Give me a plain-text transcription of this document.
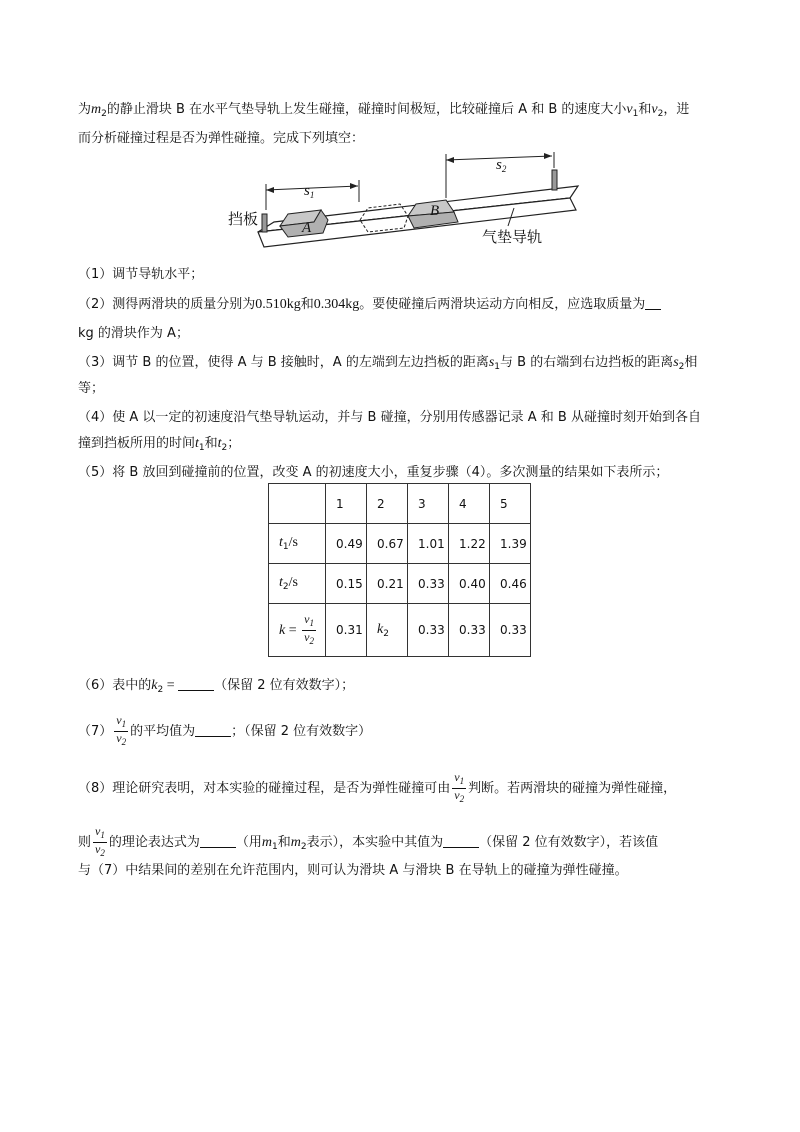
为$m_2$的静止滑块 B 在水平气垫导轨上发生碰撞，碰撞时间极短，比较碰撞后 A 和 B 的速度大小$v_1$和$v_2$，进
而分析碰撞过程是否为弹性碰撞。完成下列填空：
$s_1$
$s_2$
挡板	A
B
气垫导轨
（1）调节导轨水平；
（2）测得两滑块的质量分别为0.510kg和0.304kg。要使碰撞后两滑块运动方向相反，应选取质量为
kg 的滑块作为 A；
（3）调节 B 的位置，使得 A 与 B 接触时，A 的左端到左边挡板的距离$s_1$与 B 的右端到右边挡板的距离$s_2$相
等；
（4）使 A 以一定的初速度沿气垫导轨运动，并与 B 碰撞，分别用传感器记录 A 和 B 从碰撞时刻开始到各自
撞到挡板所用的时间$t_1$和$t_2$；
（5）将 B 放回到碰撞前的位置，改变 A 的初速度大小，重复步骤（4）。多次测量的结果如下表所示；
	1	2	3	4	5
$t_1/s$	0.49	0.67	1.01	1.22	1.39
$t_2/s$	0.15	0.21	0.33	0.40	0.46
$k = \frac{v_1}{v_2}$	0.31	$k_2$	0.33	0.33	0.33
（6）表中的$k_2$ =	（保留 2 位有效数字）；
$(7) \frac{v_1}{v_2}$ 的平均值为	；（保留 2 位有效数字）
（8）理论研究表明，对本实验的碰撞过程，是否为弹性碰撞可由 $\frac{v_1}{v_2}$ 判断。若两滑块的碰撞为弹性碰撞，
则 $\frac{v_1}{v_2}$ 的理论表达式为	（用$m_1$和$m_2$表示），本实验中其值为	（保留 2 位有效数字），若该值
与（7）中结果间的差别在允许范围内，则可认为滑块 A 与滑块 B 在导轨上的碰撞为弹性碰撞。
